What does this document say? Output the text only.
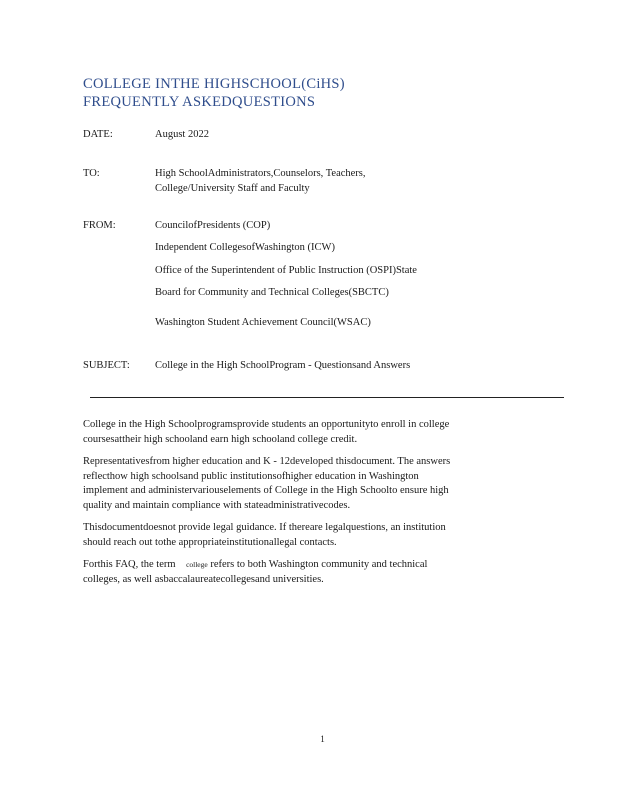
COLLEGE INTHE HIGHSCHOOL(CiHS)
FREQUENTLY ASKEDQUESTIONS
DATE:	August 2022
TO:	High SchoolAdministrators,Counselors, Teachers,
College/University Staff and Faculty
FROM:	CouncilofPresidents (COP)
Independent CollegesofWashington (ICW)
Office of the Superintendent of Public Instruction (OSPI)State
Board for Community and Technical Colleges(SBCTC)
Washington Student Achievement Council(WSAC)
SUBJECT: College in the High SchoolProgram - Questionsand Answers
College in the High Schoolprogramsprovide students an opportunityto enroll in college
coursesattheir high schooland earn high schooland college credit.
Representativesfrom higher education and K - 12developed thisdocument. The answers
reflecthow high schoolsand public institutionsofhigher education in Washington
implement and administervariouselements of College in the High Schoolto ensure high
quality and maintain compliance with stateadministrativecodes.
Thisdocumentdoesnot provide legal guidance. If thereare legalquestions, an institution
should reach out tothe appropriateinstitutionallegal contacts.
Forthis FAQ, the term college refers to both Washington community and technical
colleges, as well asbaccalaureatecollegesand universities.
1
